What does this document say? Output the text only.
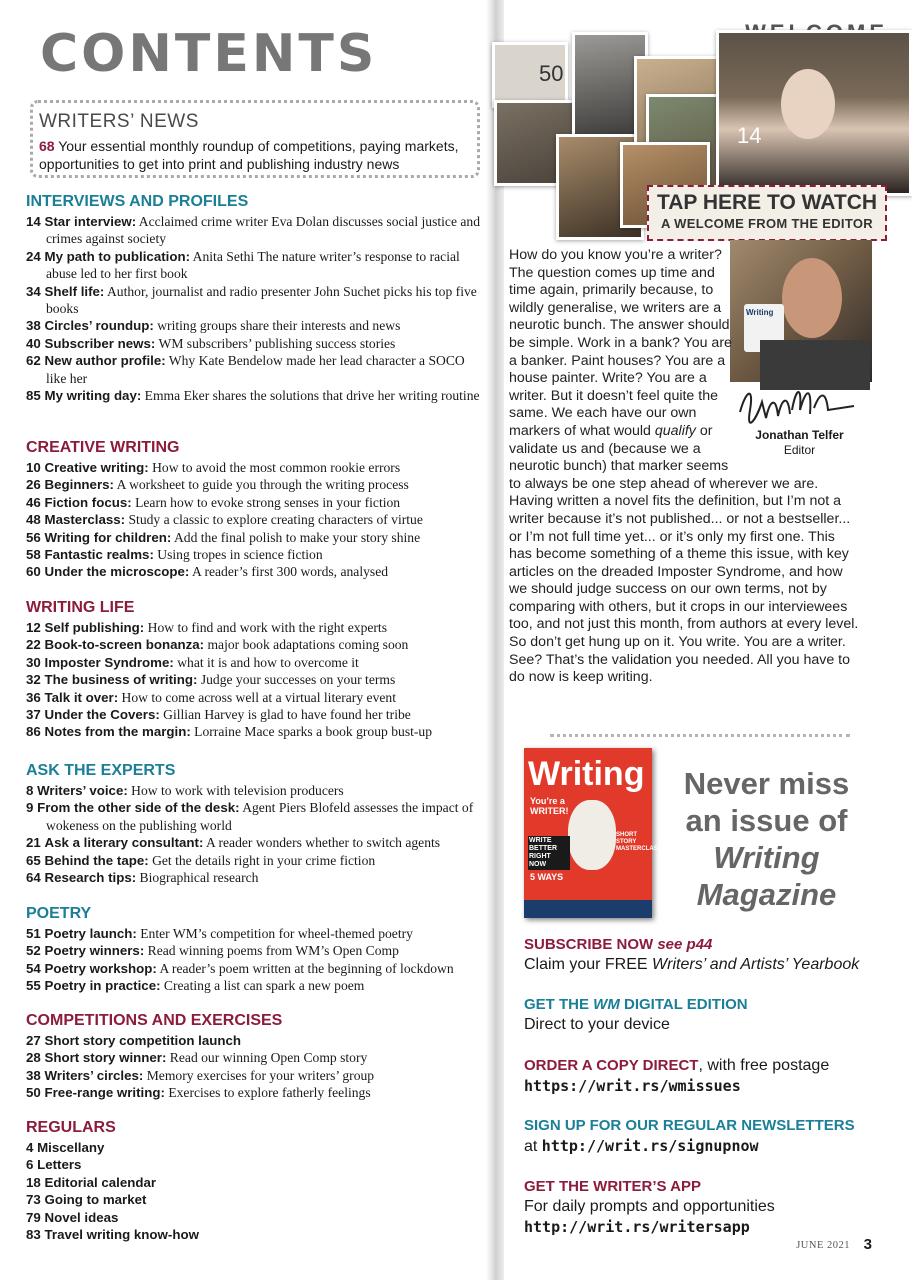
CONTENTS
WRITERS’ NEWS
68 Your essential monthly roundup of competitions, paying markets, opportunities to get into print and publishing industry news
INTERVIEWS AND PROFILES
14 Star interview: Acclaimed crime writer Eva Dolan discusses social justice and crimes against society
24 My path to publication: Anita Sethi The nature writer’s response to racial abuse led to her first book
34 Shelf life: Author, journalist and radio presenter John Suchet picks his top five books
38 Circles’ roundup: writing groups share their interests and news
40 Subscriber news: WM subscribers’ publishing success stories
62 New author profile: Why Kate Bendelow made her lead character a SOCO like her
85 My writing day: Emma Eker shares the solutions that drive her writing routine
CREATIVE WRITING
10 Creative writing: How to avoid the most common rookie errors
26 Beginners: A worksheet to guide you through the writing process
46 Fiction focus: Learn how to evoke strong senses in your fiction
48 Masterclass: Study a classic to explore creating characters of virtue
56 Writing for children: Add the final polish to make your story shine
58 Fantastic realms: Using tropes in science fiction
60 Under the microscope: A reader’s first 300 words, analysed
WRITING LIFE
12 Self publishing: How to find and work with the right experts
22 Book-to-screen bonanza: major book adaptations coming soon
30 Imposter Syndrome: what it is and how to overcome it
32 The business of writing: Judge your successes on your terms
36 Talk it over: How to come across well at a virtual literary event
37 Under the Covers: Gillian Harvey is glad to have found her tribe
86 Notes from the margin: Lorraine Mace sparks a book group bust-up
ASK THE EXPERTS
8 Writers’ voice: How to work with television producers
9 From the other side of the desk: Agent Piers Blofeld assesses the impact of wokeness on the publishing world
21 Ask a literary consultant: A reader wonders whether to switch agents
65 Behind the tape: Get the details right in your crime fiction
64 Research tips: Biographical research
POETRY
51 Poetry launch: Enter WM’s competition for wheel-themed poetry
52 Poetry winners: Read winning poems from WM’s Open Comp
54 Poetry workshop: A reader’s poem written at the beginning of lockdown
55 Poetry in practice: Creating a list can spark a new poem
COMPETITIONS AND EXERCISES
27 Short story competition launch
28 Short story winner: Read our winning Open Comp story
38 Writers’ circles: Memory exercises for your writers’ group
50 Free-range writing: Exercises to explore fatherly feelings
REGULARS
4 Miscellany
6 Letters
18 Editorial calendar
73 Going to market
79 Novel ideas
83 Travel writing know-how
50
14
TAP HERE TO WATCH
A WELCOME FROM THE EDITOR
Writing
Jonathan Telfer
Editor

How do you know you’re a writer? The question comes up time and time again, primarily because, to wildly generalise, we writers are a neurotic bunch. The answer should be simple. Work in a bank? You are a banker. Paint houses? You are a house painter. Write? You are a writer. But it doesn’t feel quite the same. We each have our own markers of what would qualify or validate us and (because we a neurotic bunch) that marker seems to always be one step ahead of wherever we are. Having written a novel fits the definition, but I’m not a writer because it’s not published... or not a bestseller... or I’m not full time yet... or it’s only my first one. This has become something of a theme this issue, with key articles on the dreaded Imposter Syndrome, and how we should judge success on our own terms, not by comparing with others, but it crops in our interviewees too, and not just this month, from authors at every level. So don’t get hung up on it. You write. You are a writer. See? That’s the validation you needed. All you have to do now is keep writing.

Writing
You’re a WRITER!
WRITE BETTER RIGHT NOW
SHORT STORY MASTERCLASS
5 WAYS
Never miss
an issue of
Writing
Magazine
SUBSCRIBE NOW see p44
Claim your FREE Writers’ and Artists’ Yearbook
GET THE WM DIGITAL EDITION
Direct to your device
ORDER A COPY DIRECT, with free postage
https://writ.rs/wmissues
SIGN UP FOR OUR REGULAR NEWSLETTERS
at http://writ.rs/signupnow
GET THE WRITER’S APP
For daily prompts and opportunities
http://writ.rs/writersapp
JUNE 2021 3
